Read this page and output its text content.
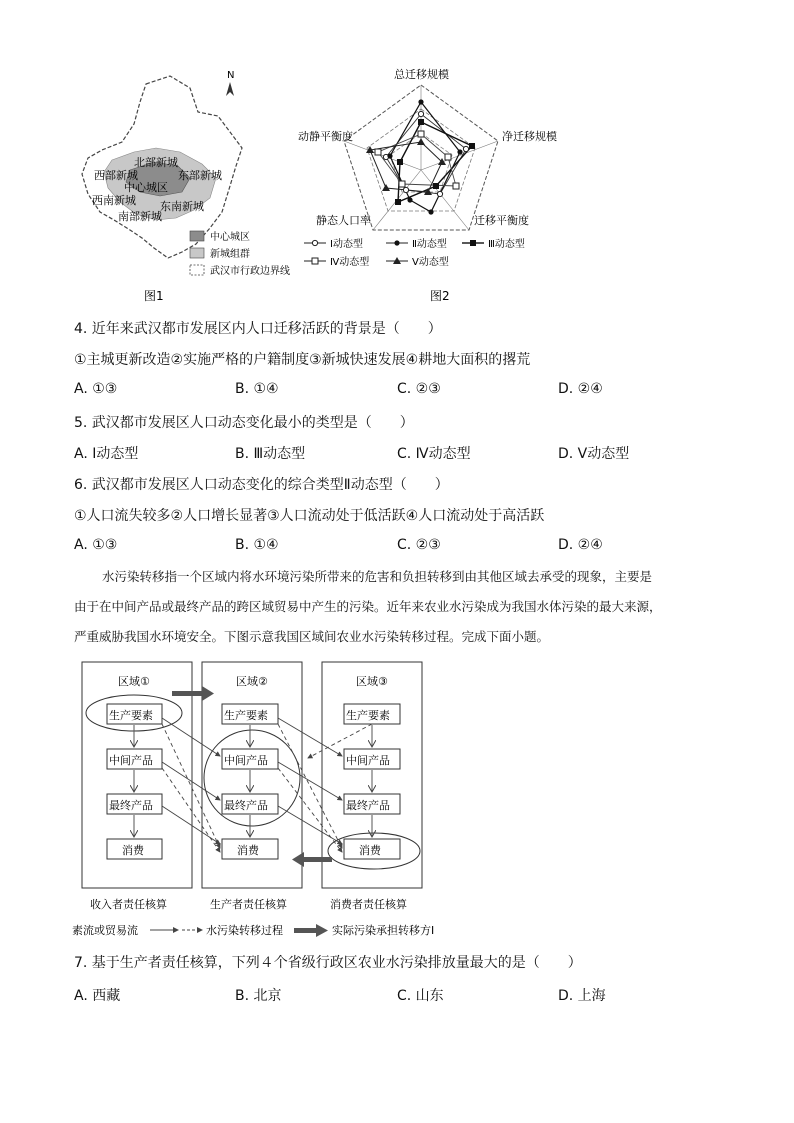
N
北部新城
西部新城	东部新城
中心城区
西南新城 东南新城
南部新城
中心城区
新城组群
武汉市行政边界线
图1
总迁移规模
净迁移规模
迁移平衡度
静态人口率
动静平衡度
Ⅰ动态型	Ⅱ动态型	Ⅲ动态型
Ⅳ动态型	Ⅴ动态型
图2
4. 近年来武汉都市发展区内人口迁移活跃的背景是（　　）
①主城更新改造②实施严格的户籍制度③新城快速发展④耕地大面积的撂荒
A. ①③	B. ①④	C. ②③	D. ②④
5. 武汉都市发展区人口动态变化最小的类型是（　　）
A. Ⅰ动态型	B. Ⅲ动态型	C. Ⅳ动态型	D. Ⅴ动态型
6. 武汉都市发展区人口动态变化的综合类型Ⅱ动态型（　　）
①人口流失较多②人口增长显著③人口流动处于低活跃④人口流动处于高活跃
A. ①③	B. ①④	C. ②③	D. ②④
水污染转移指一个区域内将水环境污染所带来的危害和负担转移到由其他区域去承受的现象，主要是
由于在中间产品或最终产品的跨区域贸易中产生的污染。近年来农业水污染成为我国水体污染的最大来源，
严重威胁我国水环境安全。下图示意我国区域间农业水污染转移过程。完成下面小题。
区域①	区域②	区域③
生产要素
中间产品
最终产品
消费
生产要素
中间产品
最终产品
消费
生产要素
中间产品
最终产品
消费
收入者责任核算	生产者责任核算	消费者责任核算
素流或贸易流	水污染转移过程	实际污染承担转移方Ⅰ
7. 基于生产者责任核算，下列４个省级行政区农业水污染排放量最大的是（　　）
A. 西藏	B. 北京	C. 山东	D. 上海
